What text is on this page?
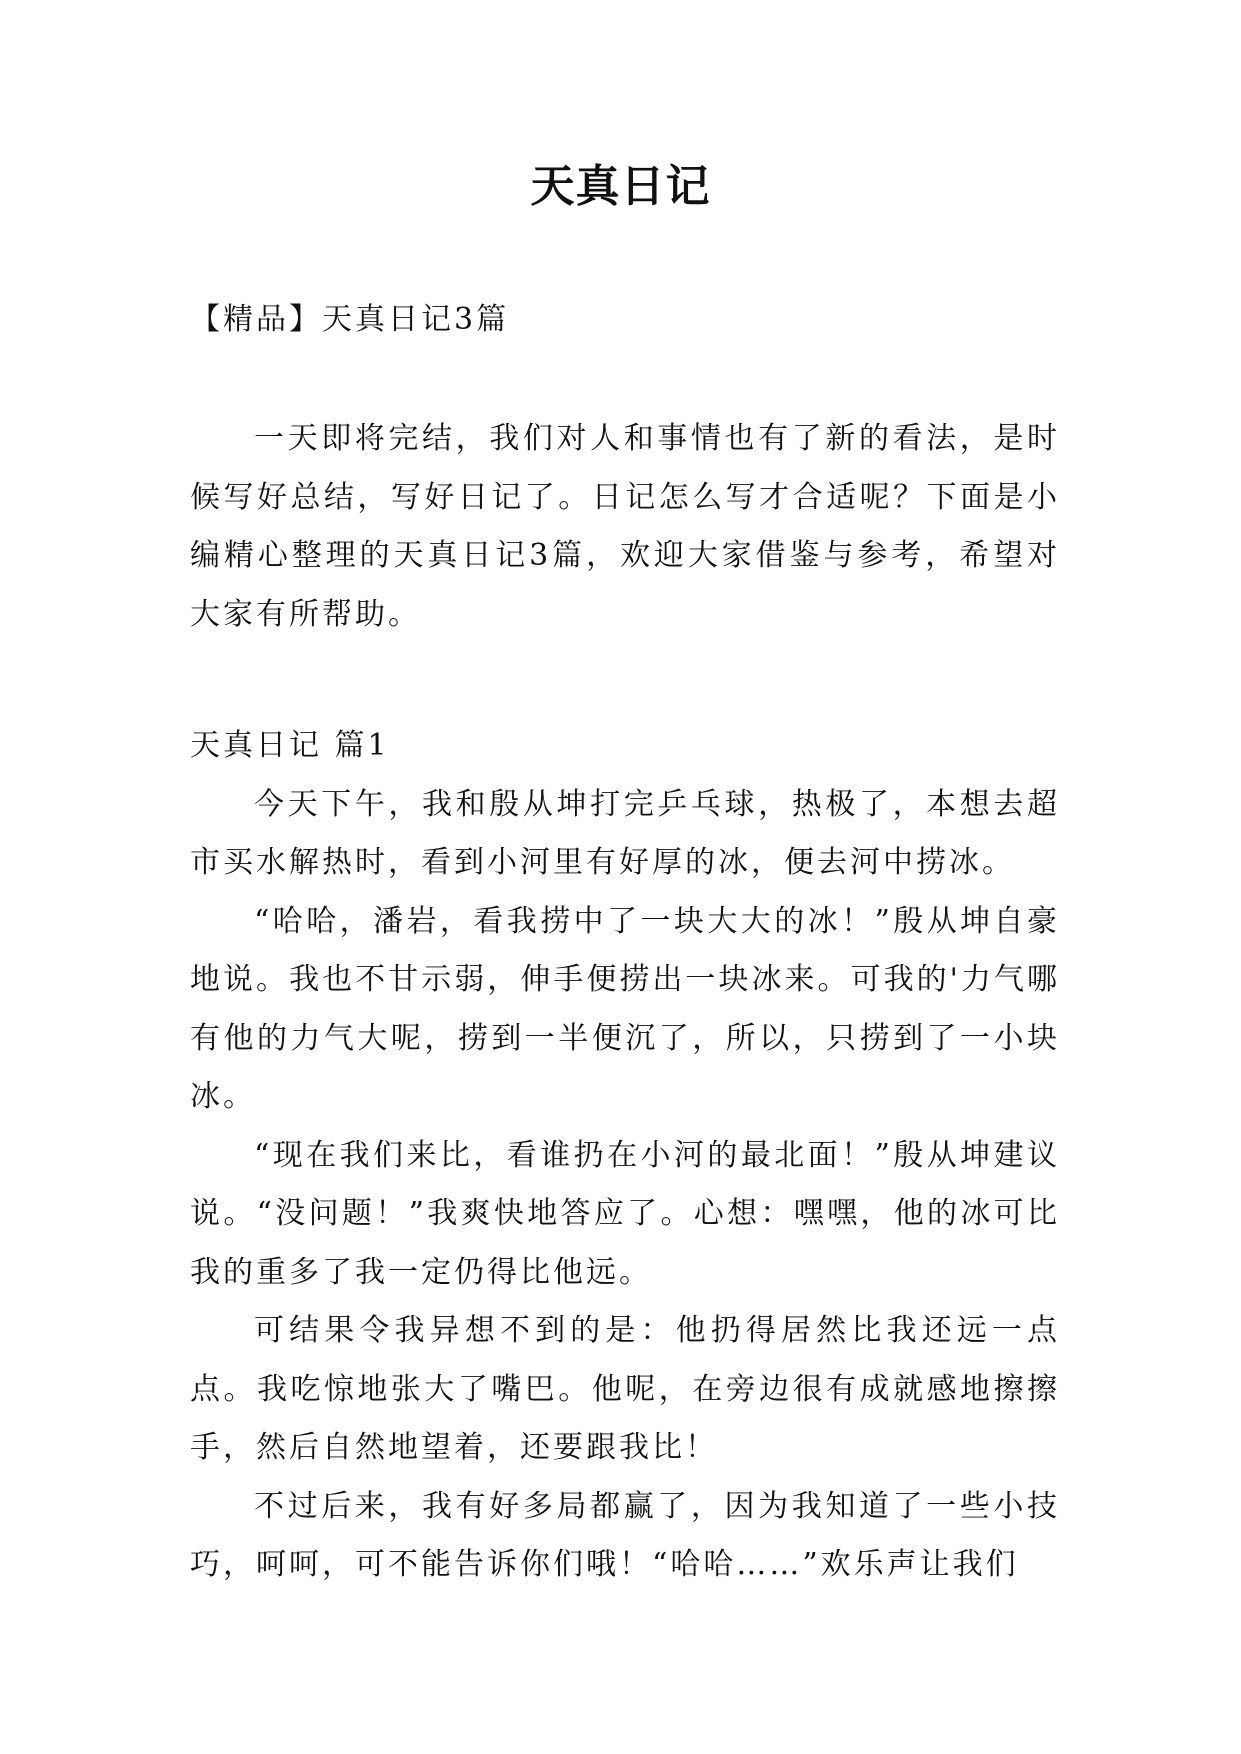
天真日记

【精品】天真日记3篇

一天即将完结，我们对人和事情也有了新的看法，是时候写好总结，写好日记了。日记怎么写才合适呢？下面是小编精心整理的天真日记3篇，欢迎大家借鉴与参考，希望对大家有所帮助。

天真日记 篇1

今天下午，我和殷从坤打完乒乓球，热极了，本想去超市买水解热时，看到小河里有好厚的冰，便去河中捞冰。

“哈哈，潘岩，看我捞中了一块大大的冰！”殷从坤自豪地说。我也不甘示弱，伸手便捞出一块冰来。可我的'力气哪有他的力气大呢，捞到一半便沉了，所以，只捞到了一小块冰。

“现在我们来比，看谁扔在小河的最北面！”殷从坤建议说。“没问题！”我爽快地答应了。心想：嘿嘿，他的冰可比我的重多了我一定仍得比他远。

可结果令我异想不到的是：他扔得居然比我还远一点点。我吃惊地张大了嘴巴。他呢，在旁边很有成就感地擦擦手，然后自然地望着，还要跟我比！

不过后来，我有好多局都赢了，因为我知道了一些小技巧，呵呵，可不能告诉你们哦！“哈哈……”欢乐声让我们
